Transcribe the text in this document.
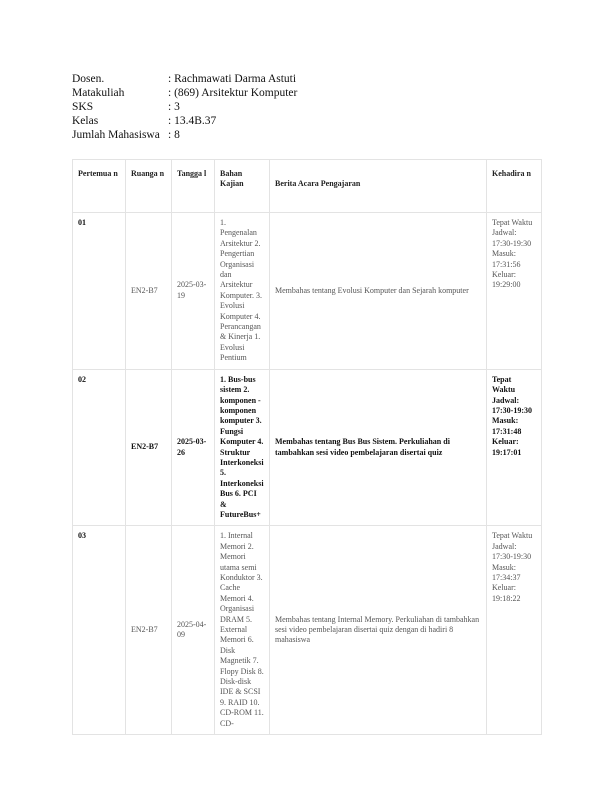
Dosen.	: Rachmawati Darma Astuti
Matakuliah	: (869) Arsitektur Komputer
SKS	: 3
Kelas	: 13.4B.37
Jumlah Mahasiswa : 8
Pertemua n	Ruanga n	Tangga l	Bahan Kajian	Berita Acara Pengajaran	Kehadira n
01	EN2-B7	2025-03-19	1. Pengenalan Arsitektur 2. Pengertian Organisasi dan Arsitektur Komputer. 3. Evolusi Komputer 4. Perancangan & Kinerja 1. Evolusi Pentium	Membahas tentang Evolusi Komputer dan Sejarah komputer	Tepat Waktu Jadwal: 17:30-19:30 Masuk: 17:31:56 Keluar: 19:29:00
02	EN2-B7	2025-03-26	1. Bus-bus sistem 2. komponen - komponen komputer 3. Fungsi Komputer 4. Struktur Interkoneksi 5. Interkoneksi Bus 6. PCI & FutureBus+	Membahas tentang Bus Bus Sistem. Perkuliahan di tambahkan sesi video pembelajaran disertai quiz	Tepat Waktu Jadwal: 17:30-19:30 Masuk: 17:31:48 Keluar: 19:17:01
03	EN2-B7	2025-04-09	1. Internal Memori 2. Memori utama semi Konduktor 3. Cache Memori 4. Organisasi DRAM 5. External Memori 6. Disk Magnetik 7. Flopy Disk 8. Disk-disk IDE & SCSI 9. RAID 10. CD-ROM 11. CD-	Membahas tentang Internal Memory. Perkuliahan di tambahkan sesi video pembelajaran disertai quiz dengan di hadiri 8 mahasiswa	Tepat Waktu Jadwal: 17:30-19:30 Masuk: 17:34:37 Keluar: 19:18:22
